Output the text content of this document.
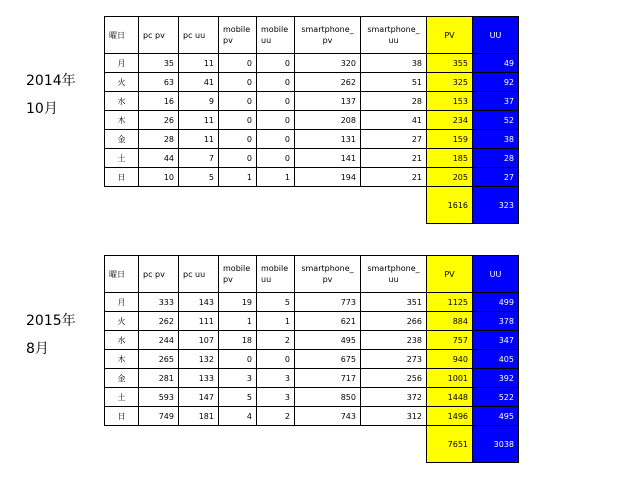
2014年
10月
2015年
8月
曜日	pc pv	pc uu	mobile pv	mobile uu	smartphone_ pv	smartphone_ uu	PV	UU
月	35	11	0	0	320	38	355	49
火	63	41	0	0	262	51	325	92
水	16	9	0	0	137	28	153	37
木	26	11	0	0	208	41	234	52
金	28	11	0	0	131	27	159	38
土	44	7	0	0	141	21	185	28
日	10	5	1	1	194	21	205	27
							1616	323
曜日	pc pv	pc uu	mobile pv	mobile uu	smartphone_ pv	smartphone_ uu	PV	UU
月	333	143	19	5	773	351	1125	499
火	262	111	1	1	621	266	884	378
水	244	107	18	2	495	238	757	347
木	265	132	0	0	675	273	940	405
金	281	133	3	3	717	256	1001	392
土	593	147	5	3	850	372	1448	522
日	749	181	4	2	743	312	1496	495
							7651	3038
